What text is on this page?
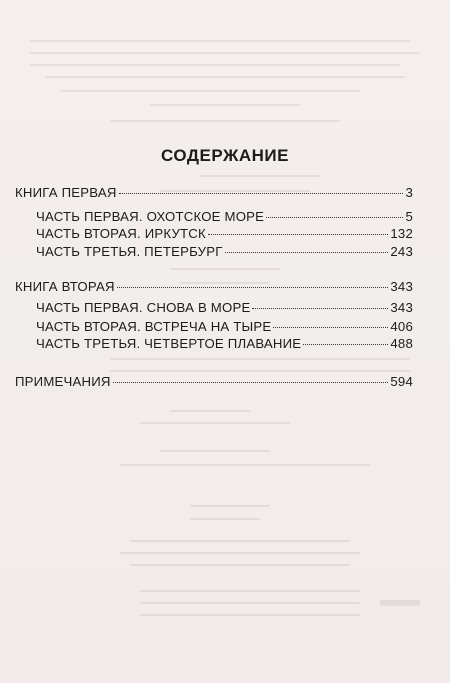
СОДЕРЖАНИЕ
КНИГА ПЕРВАЯ	3
ЧАСТЬ ПЕРВАЯ. ОХОТСКОЕ МОРЕ	5
ЧАСТЬ ВТОРАЯ. ИРКУТСК	132
ЧАСТЬ ТРЕТЬЯ. ПЕТЕРБУРГ	243
КНИГА ВТОРАЯ	343
ЧАСТЬ ПЕРВАЯ. СНОВА В МОРЕ	343
ЧАСТЬ ВТОРАЯ. ВСТРЕЧА НА ТЫРЕ	406
ЧАСТЬ ТРЕТЬЯ. ЧЕТВЕРТОЕ ПЛАВАНИЕ	488
ПРИМЕЧАНИЯ	594
